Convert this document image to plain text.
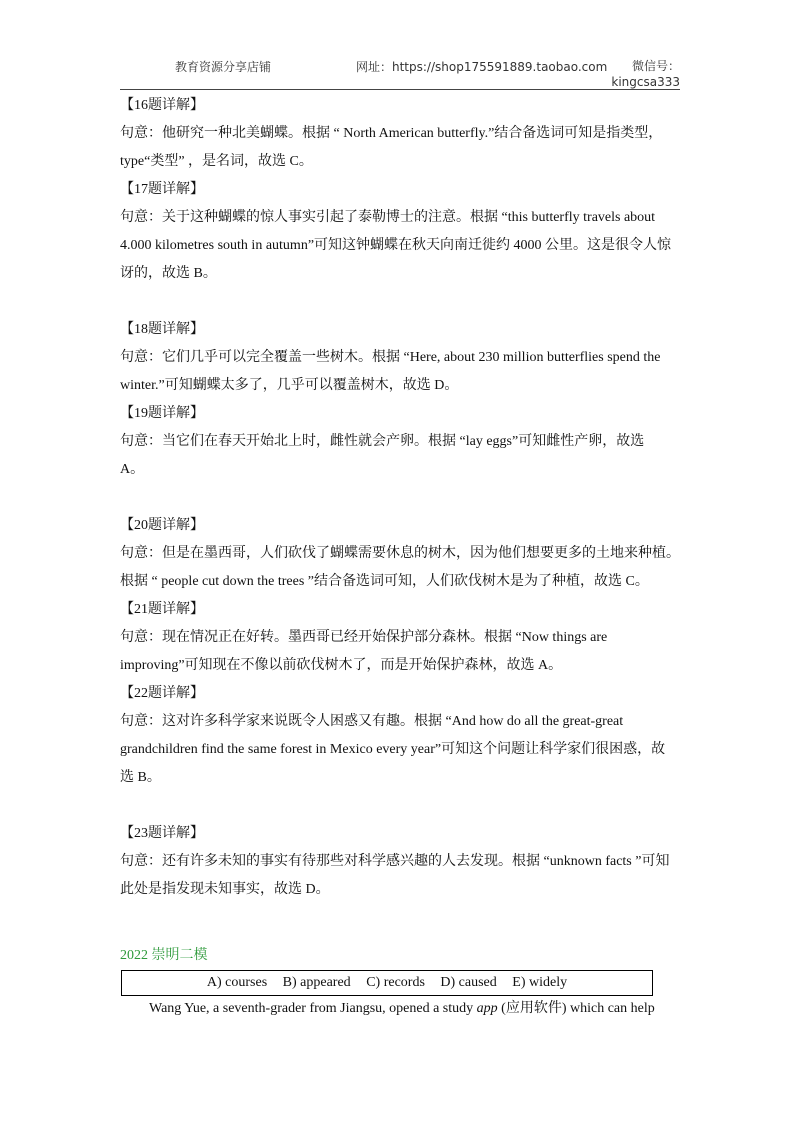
教育资源分享店铺	网址：https://shop175591889.taobao.com	微信号：
kingcsa333

【16题详解】

句意：他研究一种北美蝴蝶。根据 “ North American butterfly.”结合备选词可知是指类型，

type“类型” ，是名词，故选 C。

【17题详解】

句意：关于这种蝴蝶的惊人事实引起了泰勒博士的注意。根据 “this butterfly travels about

4.000 kilometres south in autumn”可知这钟蝴蝶在秋天向南迁徙约 4000 公里。这是很令人惊

讶的，故选 B。

【18题详解】

句意：它们几乎可以完全覆盖一些树木。根据 “Here, about 230 million butterflies spend the

winter.”可知蝴蝶太多了，几乎可以覆盖树木，故选 D。

【19题详解】

句意：当它们在春天开始北上时，雌性就会产卵。根据 “lay eggs”可知雌性产卵，故选

A。

【20题详解】

句意：但是在墨西哥，人们砍伐了蝴蝶需要休息的树木，因为他们想要更多的土地来种植。

根据 “ people cut down the trees ”结合备选词可知，人们砍伐树木是为了种植，故选 C。

【21题详解】

句意：现在情况正在好转。墨西哥已经开始保护部分森林。根据 “Now things are

improving”可知现在不像以前砍伐树木了，而是开始保护森林，故选 A。

【22题详解】

句意：这对许多科学家来说既令人困惑又有趣。根据 “And how do all the great-great

grandchildren find the same forest in Mexico every year”可知这个问题让科学家们很困惑，故

选 B。

【23题详解】

句意：还有许多未知的事实有待那些对科学感兴趣的人去发现。根据 “unknown facts ”可知

此处是指发现未知事实，故选 D。

2022 崇明二模
A) courses B) appeared C) records D) caused E) widely
Wang Yue, a seventh-grader from Jiangsu, opened a study app (应用软件) which can help
